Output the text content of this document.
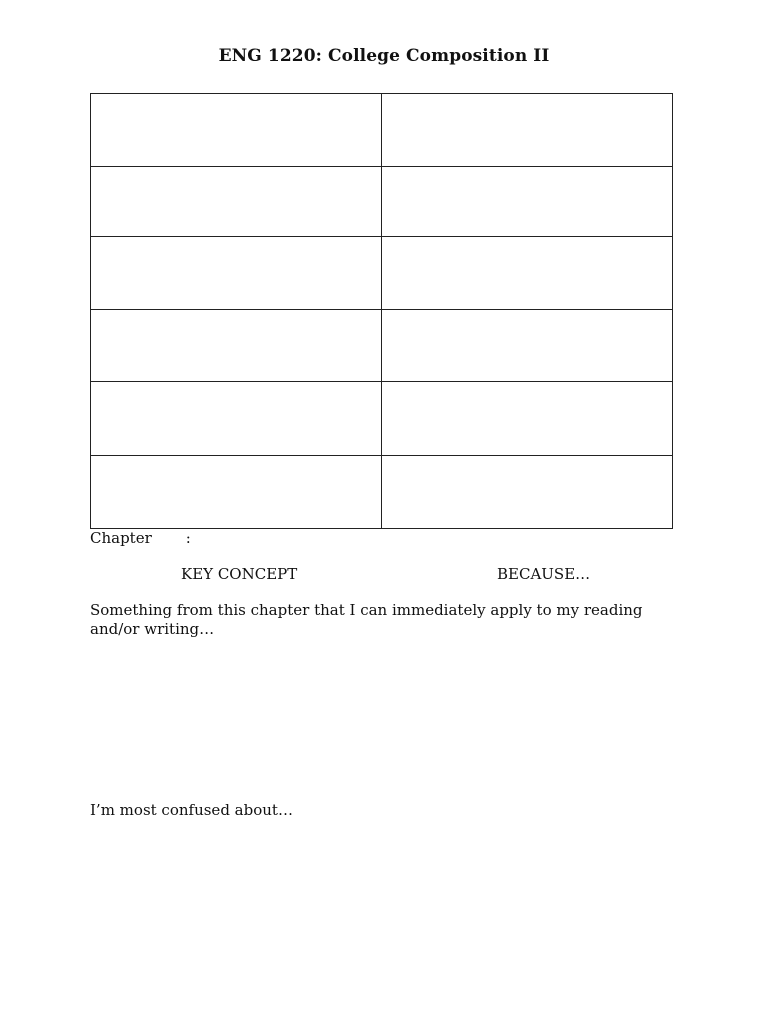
ENG 1220: College Composition II

Chapter :
KEY CONCEPT	BECAUSE…
Something from this chapter that I can immediately apply to my reading and/or writing…
I’m most confused about…
